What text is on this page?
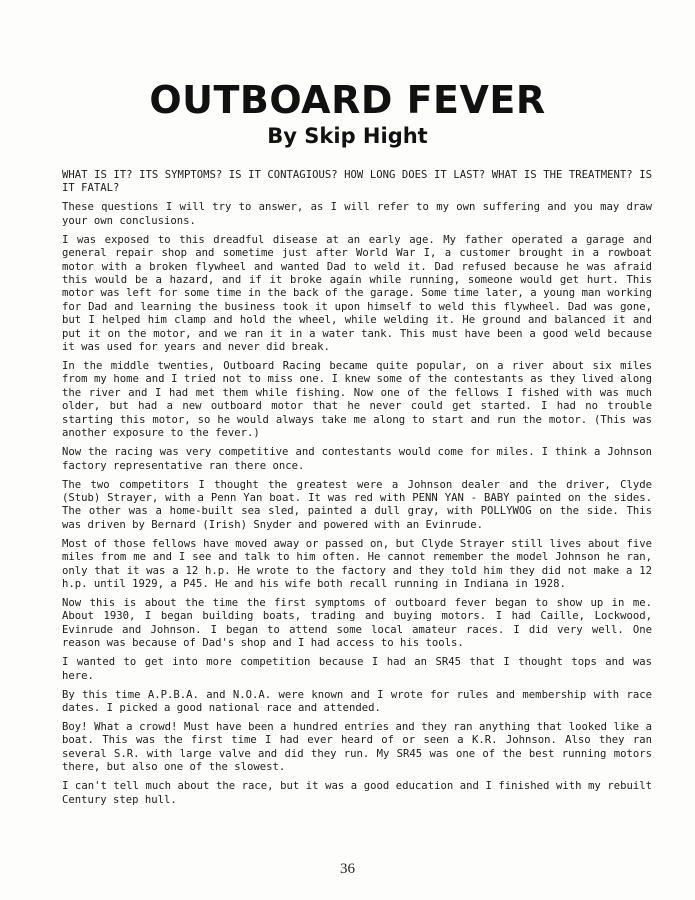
OUTBOARD FEVER
By Skip Hight

WHAT IS IT? ITS SYMPTOMS? IS IT CONTAGIOUS? HOW LONG DOES IT LAST? WHAT IS THE TREATMENT? IS IT FATAL?

These questions I will try to answer, as I will refer to my own suffering and you may draw your own conclusions.

I was exposed to this dreadful disease at an early age. My father operated a garage and general repair shop and sometime just after World War I, a customer brought in a rowboat motor with a broken flywheel and wanted Dad to weld it. Dad refused because he was afraid this would be a hazard, and if it broke again while running, someone would get hurt. This motor was left for some time in the back of the garage. Some time later, a young man working for Dad and learning the business took it upon himself to weld this flywheel. Dad was gone, but I helped him clamp and hold the wheel, while welding it. He ground and balanced it and put it on the motor, and we ran it in a water tank. This must have been a good weld because it was used for years and never did break.

In the middle twenties, Outboard Racing became quite popular, on a river about six miles from my home and I tried not to miss one. I knew some of the contestants as they lived along the river and I had met them while fishing. Now one of the fellows I fished with was much older, but had a new outboard motor that he never could get started. I had no trouble starting this motor, so he would always take me along to start and run the motor. (This was another exposure to the fever.)

Now the racing was very competitive and contestants would come for miles. I think a Johnson factory representative ran there once.

The two competitors I thought the greatest were a Johnson dealer and the driver, Clyde (Stub) Strayer, with a Penn Yan boat. It was red with PENN YAN - BABY painted on the sides. The other was a home-built sea sled, painted a dull gray, with POLLYWOG on the side. This was driven by Bernard (Irish) Snyder and powered with an Evinrude.

Most of those fellows have moved away or passed on, but Clyde Strayer still lives about five miles from me and I see and talk to him often. He cannot remember the model Johnson he ran, only that it was a 12 h.p. He wrote to the factory and they told him they did not make a 12 h.p. until 1929, a P45. He and his wife both recall running in Indiana in 1928.

Now this is about the time the first symptoms of outboard fever began to show up in me. About 1930, I began building boats, trading and buying motors. I had Caille, Lockwood, Evinrude and Johnson. I began to attend some local amateur races. I did very well. One reason was because of Dad's shop and I had access to his tools.

I wanted to get into more competition because I had an SR45 that I thought tops and was here.

By this time A.P.B.A. and N.O.A. were known and I wrote for rules and membership with race dates. I picked a good national race and attended.

Boy! What a crowd! Must have been a hundred entries and they ran anything that looked like a boat. This was the first time I had ever heard of or seen a K.R. Johnson. Also they ran several S.R. with large valve and did they run. My SR45 was one of the best running motors there, but also one of the slowest.

I can't tell much about the race, but it was a good education and I finished with my rebuilt Century step hull.

36
